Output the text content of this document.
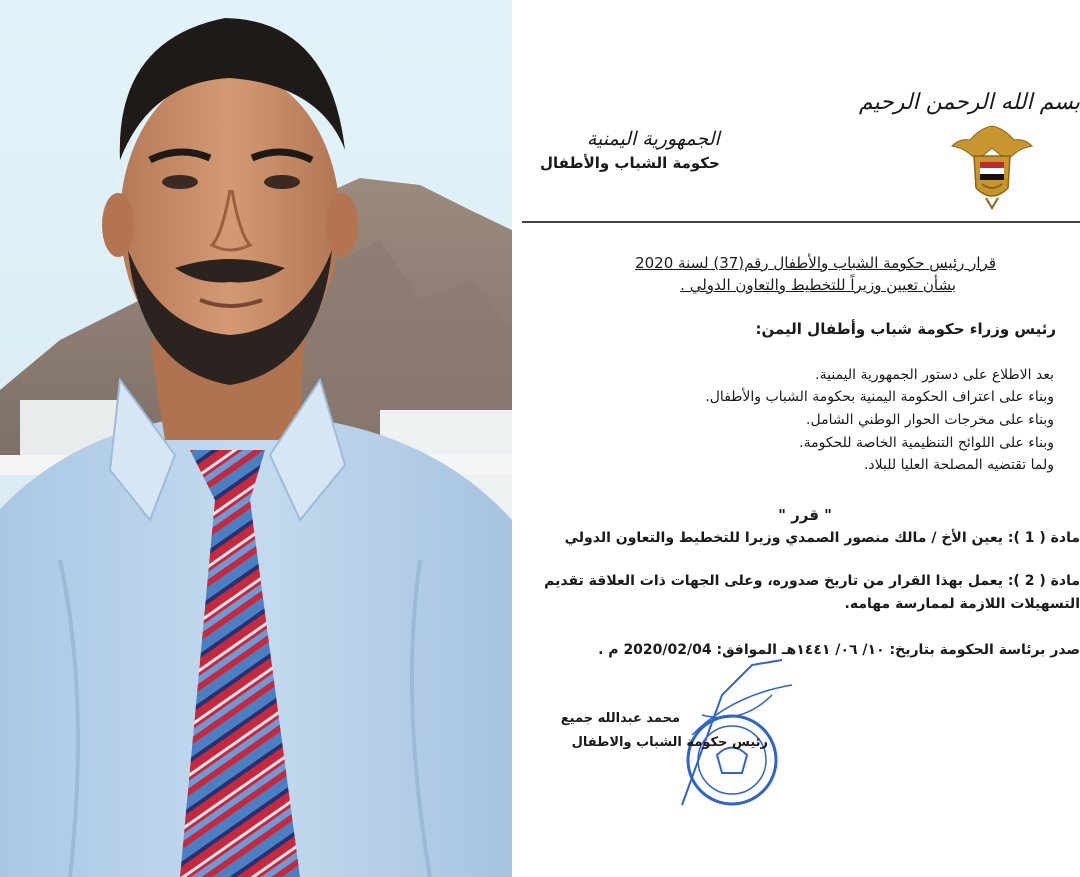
بسم الله الرحمن الرحيم
الجمهورية اليمنية
حكومة الشباب والأطفال
قرار رئيس حكومة الشباب والأطفال رقم(37) لسنة 2020
بشأن تعيين وزيراً للتخطيط والتعاون الدولي .
رئيس وزراء حكومة شباب وأطفال اليمن:
بعد الاطلاع على دستور الجمهورية اليمنية.
وبناء على اعتراف الحكومة اليمنية بحكومة الشباب والأطفال.
وبناء على مخرجات الحوار الوطني الشامل.
وبناء على اللوائح التنظيمية الخاصة للحكومة.
ولما تقتضيه المصلحة العليا للبلاد.
" قرر "
مادة ( 1 ): يعين الأخ / مالك منصور الصمدي وزيرا للتخطيط والتعاون الدولي
مادة ( 2 ): يعمل بهذا القرار من تاريخ صدوره، وعلى الجهات ذات العلاقة تقديم
التسهيلات اللازمة لممارسة مهامه.
صدر برئاسة الحكومة بتاريخ: ١٠/ ٠٦/ ١٤٤١هـ الموافق: 2020/02/04 م .
محمد عبدالله جميع
رئيس حكومة الشباب والاطفال
